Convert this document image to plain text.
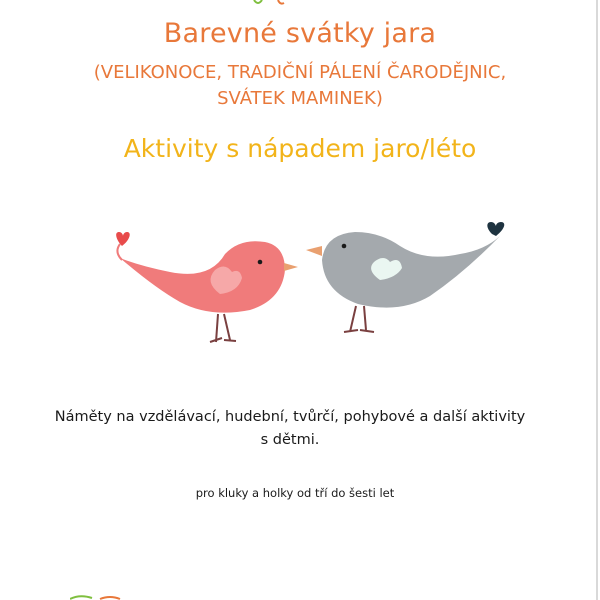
Barevné svátky jara
(VELIKONOCE, TRADIČNÍ PÁLENÍ ČARODĚJNIC,
SVÁTEK MAMINEK)
Aktivity s nápadem jaro/léto
Náměty na vzdělávací, hudební, tvůrčí, pohybové a další aktivity
s dětmi.
pro kluky a holky od tří do šesti let
